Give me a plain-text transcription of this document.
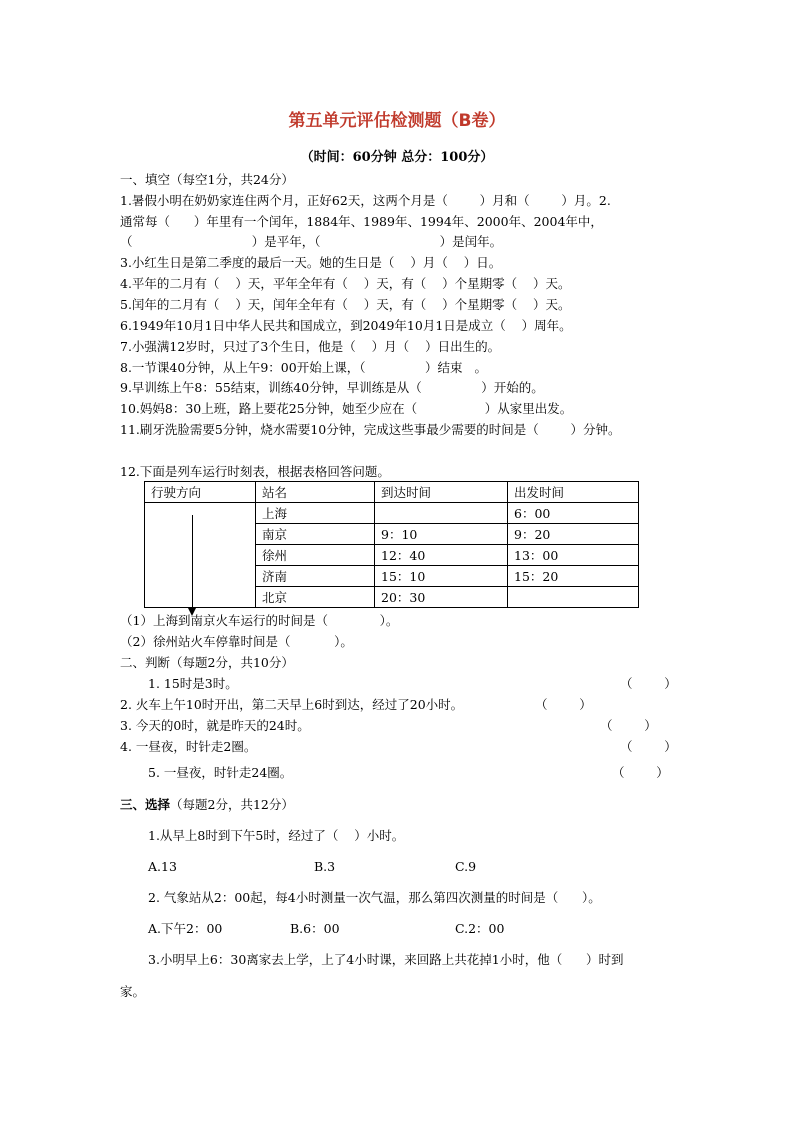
第五单元评估检测题（B卷）
（时间：60分钟 总分：100分）
一、填空（每空1分，共24分）
1.暑假小明在奶奶家连住两个月，正好62天，这两个月是（        ）月和（        ）月。2.
通常每（      ）年里有一个闰年，1884年、1989年、1994年、2000年、2004年中，
（                              ）是平年，（                              ）是闰年。
3.小红生日是第二季度的最后一天。她的生日是（    ）月（    ）日。
4.平年的二月有（    ）天，平年全年有（    ）天，有（    ）个星期零（    ）天。
5.闰年的二月有（    ）天，闰年全年有（    ）天，有（    ）个星期零（    ）天。
6.1949年10月1日中华人民共和国成立，到2049年10月1日是成立（    ）周年。
7.小强满12岁时，只过了3个生日，他是（    ）月（    ）日出生的。
8.一节课40分钟，从上午9：00开始上课，（               ）结束   。
9.早训练上午8：55结束，训练40分钟，早训练是从（               ）开始的。
10.妈妈8：30上班，路上要花25分钟，她至少应在（                 ）从家里出发。
11.刷牙洗脸需要5分钟，烧水需要10分钟，完成这些事最少需要的时间是（        ）分钟。
12.下面是列车运行时刻表，根据表格回答问题。
行驶方向	站名	到达时间	出发时间
	上海		6：00
	南京	9：10	9：20
	徐州	12：40	13：00
	济南	15：10	15：20
	北京	20：30	
（1）上海到南京火车运行的时间是（             ）。
（2）徐州站火车停靠时间是（           ）。
二、判断（每题2分，共10分）
1. 15时是3时。	（        ）
2. 火车上午10时开出，第二天早上6时到达，经过了20小时。	（        ）
3. 今天的0时，就是昨天的24时。	（        ）
4. 一昼夜，时针走2圈。	（        ）
5. 一昼夜，时针走24圈。	（        ）
三、选择（每题2分，共12分）
1.从早上8时到下午5时，经过了（    ）小时。
A.13	B.3	C.9
2. 气象站从2：00起，每4小时测量一次气温，那么第四次测量的时间是（      ）。
A.下午2：00	B.6：00	C.2：00
3.小明早上6：30离家去上学，上了4小时课，来回路上共花掉1小时，他（      ）时到
家。
